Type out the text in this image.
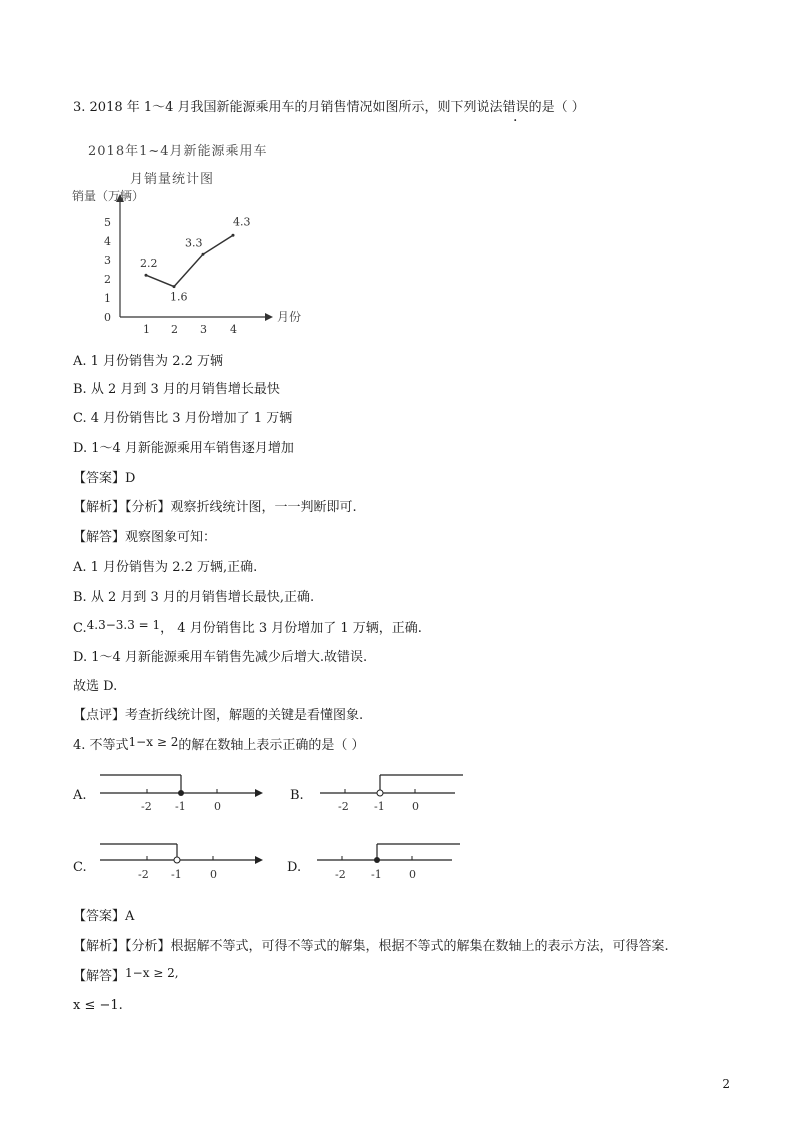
3. 2018 年 1～4 月我国新能源乘用车的月销售情况如图所示，则下列说法错误的是（ ）
2018年1~4月新能源乘用车
月销量统计图
销量（万辆）
月份
0
1
2
3
4
5
1 2 3 4
2.2
1.6
3.3
4.3
A. 1 月份销售为 2.2 万辆
B. 从 2 月到 3 月的月销售增长最快
C. 4 月份销售比 3 月份增加了 1 万辆
D. 1～4 月新能源乘用车销售逐月增加
【答案】D
【解析】【分析】观察折线统计图，一一判断即可.
【解答】观察图象可知：
A. 1 月份销售为 2.2 万辆,正确.
B. 从 2 月到 3 月的月销售增长最快,正确.
C.4.3−3.3 = 1， 4 月份销售比 3 月份增加了 1 万辆，正确.
D. 1～4 月新能源乘用车销售先减少后增大.故错误.
故选 D.
【点评】考查折线统计图，解题的关键是看懂图象.
4. 不等式1−x ≥ 2的解在数轴上表示正确的是（ ）
A.
-2 -1	0
B.
-2 -1 0
C.	-2 -1	0	D.	-2 -1 0
【答案】A
【解析】【分析】根据解不等式，可得不等式的解集，根据不等式的解集在数轴上的表示方法，可得答案.
【解答】1−x ≥ 2,
x ≤ −1.
2
